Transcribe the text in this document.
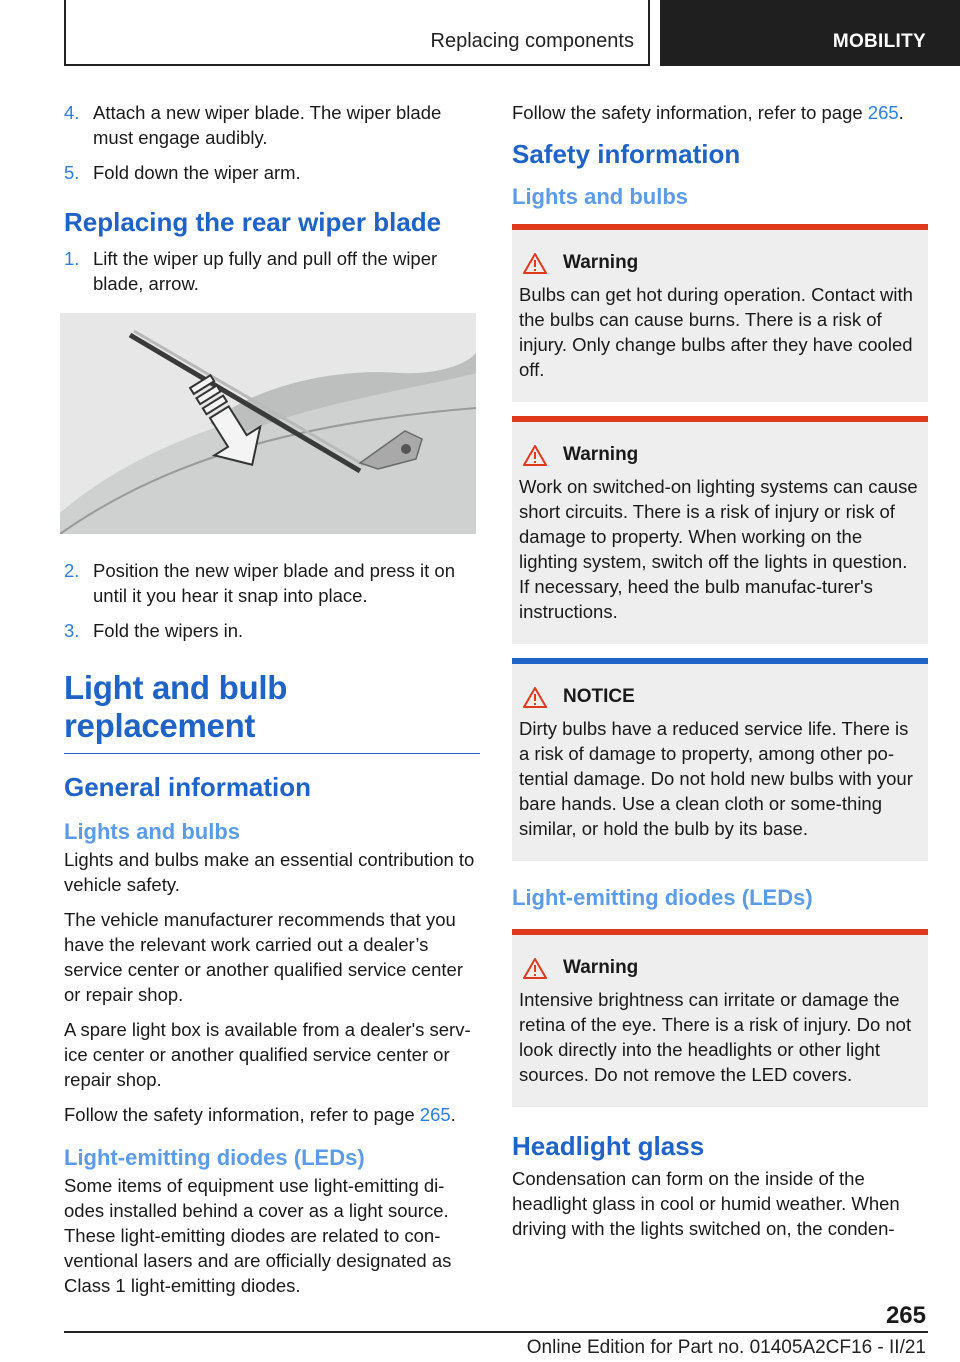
Replacing components	MOBILITY
4. Attach a new wiper blade. The wiper blade must engage audibly.
5. Fold down the wiper arm.
Replacing the rear wiper blade
1. Lift the wiper up fully and pull off the wiper blade, arrow.
2. Position the new wiper blade and press it on until it you hear it snap into place.
3. Fold the wipers in.
Light and bulb replacement
General information
Lights and bulbs

Lights and bulbs make an essential contribution to vehicle safety.

The vehicle manufacturer recommends that you have the relevant work carried out a dealer’s service center or another qualified service center or repair shop.

A spare light box is available from a dealer's serv‐ice center or another qualified service center or repair shop.

Follow the safety information, refer to page 265.

Light-emitting diodes (LEDs)

Some items of equipment use light-emitting di‐odes installed behind a cover as a light source. These light-emitting diodes are related to con‐ventional lasers and are officially designated as Class 1 light-emitting diodes.

Follow the safety information, refer to page 265.

Safety information
Lights and bulbs
Warning

Bulbs can get hot during operation. Contact with the bulbs can cause burns. There is a risk of injury. Only change bulbs after they have cooled off.

Warning

Work on switched-on lighting systems can cause short circuits. There is a risk of injury or risk of damage to property. When working on the lighting system, switch off the lights in question. If necessary, heed the bulb manufac‐turer's instructions.

NOTICE

Dirty bulbs have a reduced service life. There is a risk of damage to property, among other po‐tential damage. Do not hold new bulbs with your bare hands. Use a clean cloth or some‐thing similar, or hold the bulb by its base.

Light-emitting diodes (LEDs)
Warning

Intensive brightness can irritate or damage the retina of the eye. There is a risk of injury. Do not look directly into the headlights or other light sources. Do not remove the LED covers.

Headlight glass

Condensation can form on the inside of the headlight glass in cool or humid weather. When driving with the lights switched on, the conden‐

265
Online Edition for Part no. 01405A2CF16 - II/21
